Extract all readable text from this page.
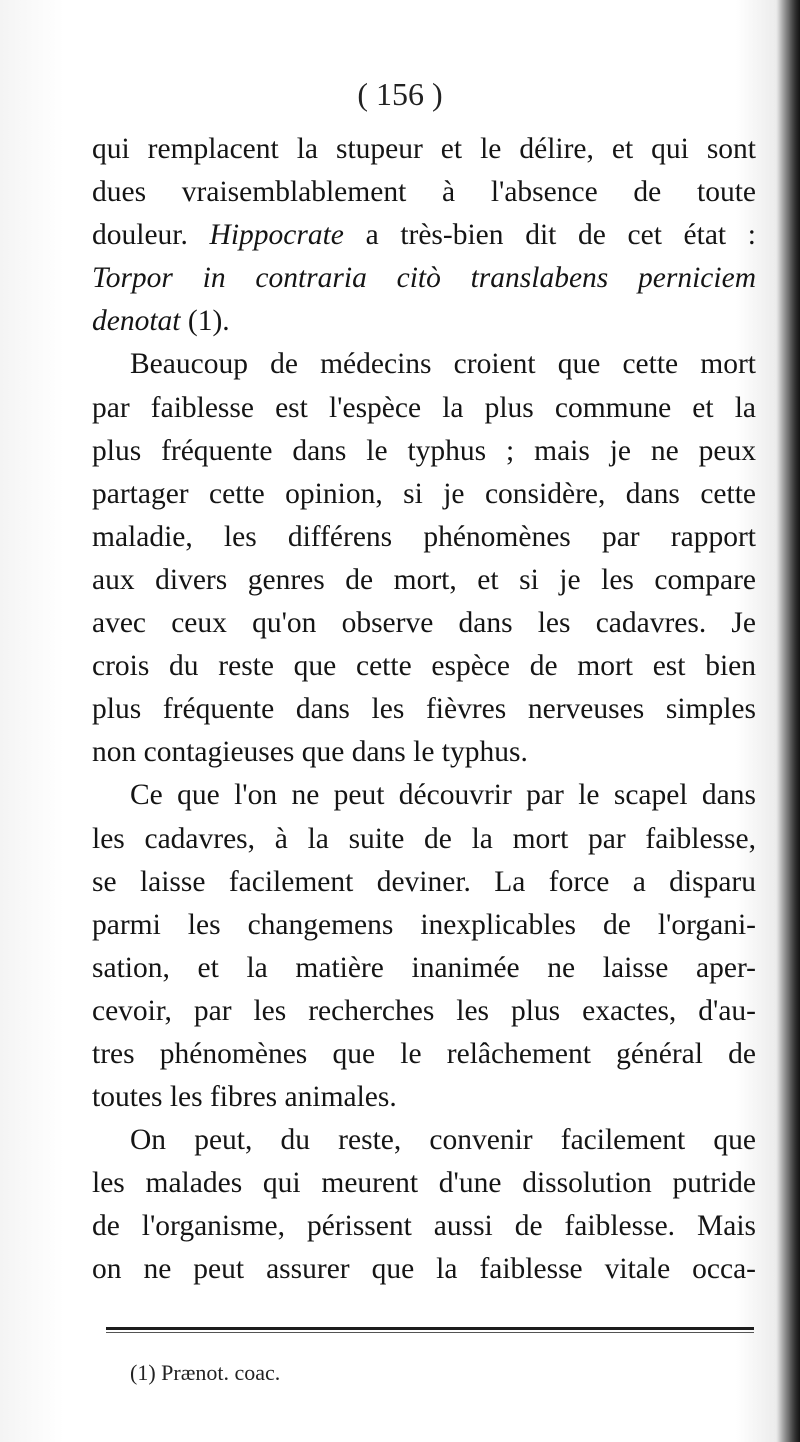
( 156 )
qui remplacent la stupeur et le délire, et qui sont
dues vraisemblablement à l'absence de toute
douleur. Hippocrate a très-bien dit de cet état :
Torpor in contraria citò translabens perniciem
denotat (1).
Beaucoup de médecins croient que cette mort
par faiblesse est l'espèce la plus commune et la
plus fréquente dans le typhus ; mais je ne peux
partager cette opinion, si je considère, dans cette
maladie, les différens phénomènes par rapport
aux divers genres de mort, et si je les compare
avec ceux qu'on observe dans les cadavres. Je
crois du reste que cette espèce de mort est bien
plus fréquente dans les fièvres nerveuses simples
non contagieuses que dans le typhus.
Ce que l'on ne peut découvrir par le scapel dans
les cadavres, à la suite de la mort par faiblesse,
se laisse facilement deviner. La force a disparu
parmi les changemens inexplicables de l'organi-
sation, et la matière inanimée ne laisse aper-
cevoir, par les recherches les plus exactes, d'au-
tres phénomènes que le relâchement général de
toutes les fibres animales.
On peut, du reste, convenir facilement que
les malades qui meurent d'une dissolution putride
de l'organisme, périssent aussi de faiblesse. Mais
on ne peut assurer que la faiblesse vitale occa-
(1) Prænot. coac.
